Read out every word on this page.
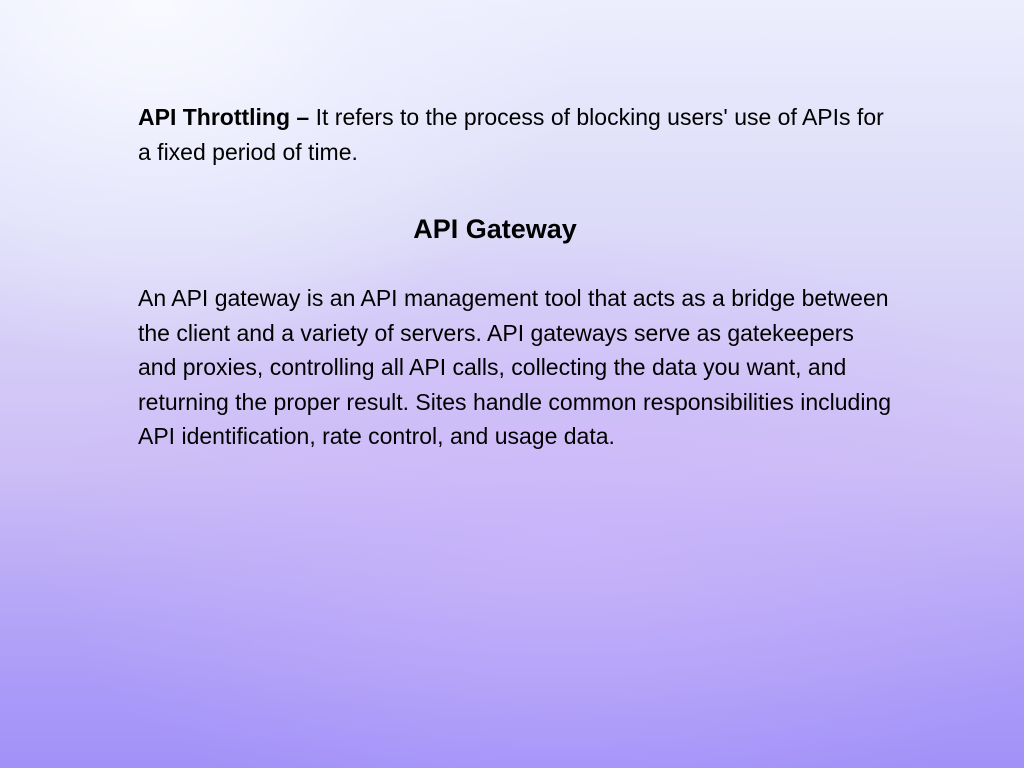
API Throttling – It refers to the process of blocking users' use of APIs for a fixed period of time.

API Gateway

An API gateway is an API management tool that acts as a bridge between the client and a variety of servers. API gateways serve as gatekeepers and proxies, controlling all API calls, collecting the data you want, and returning the proper result. Sites handle common responsibilities including API identification, rate control, and usage data.
